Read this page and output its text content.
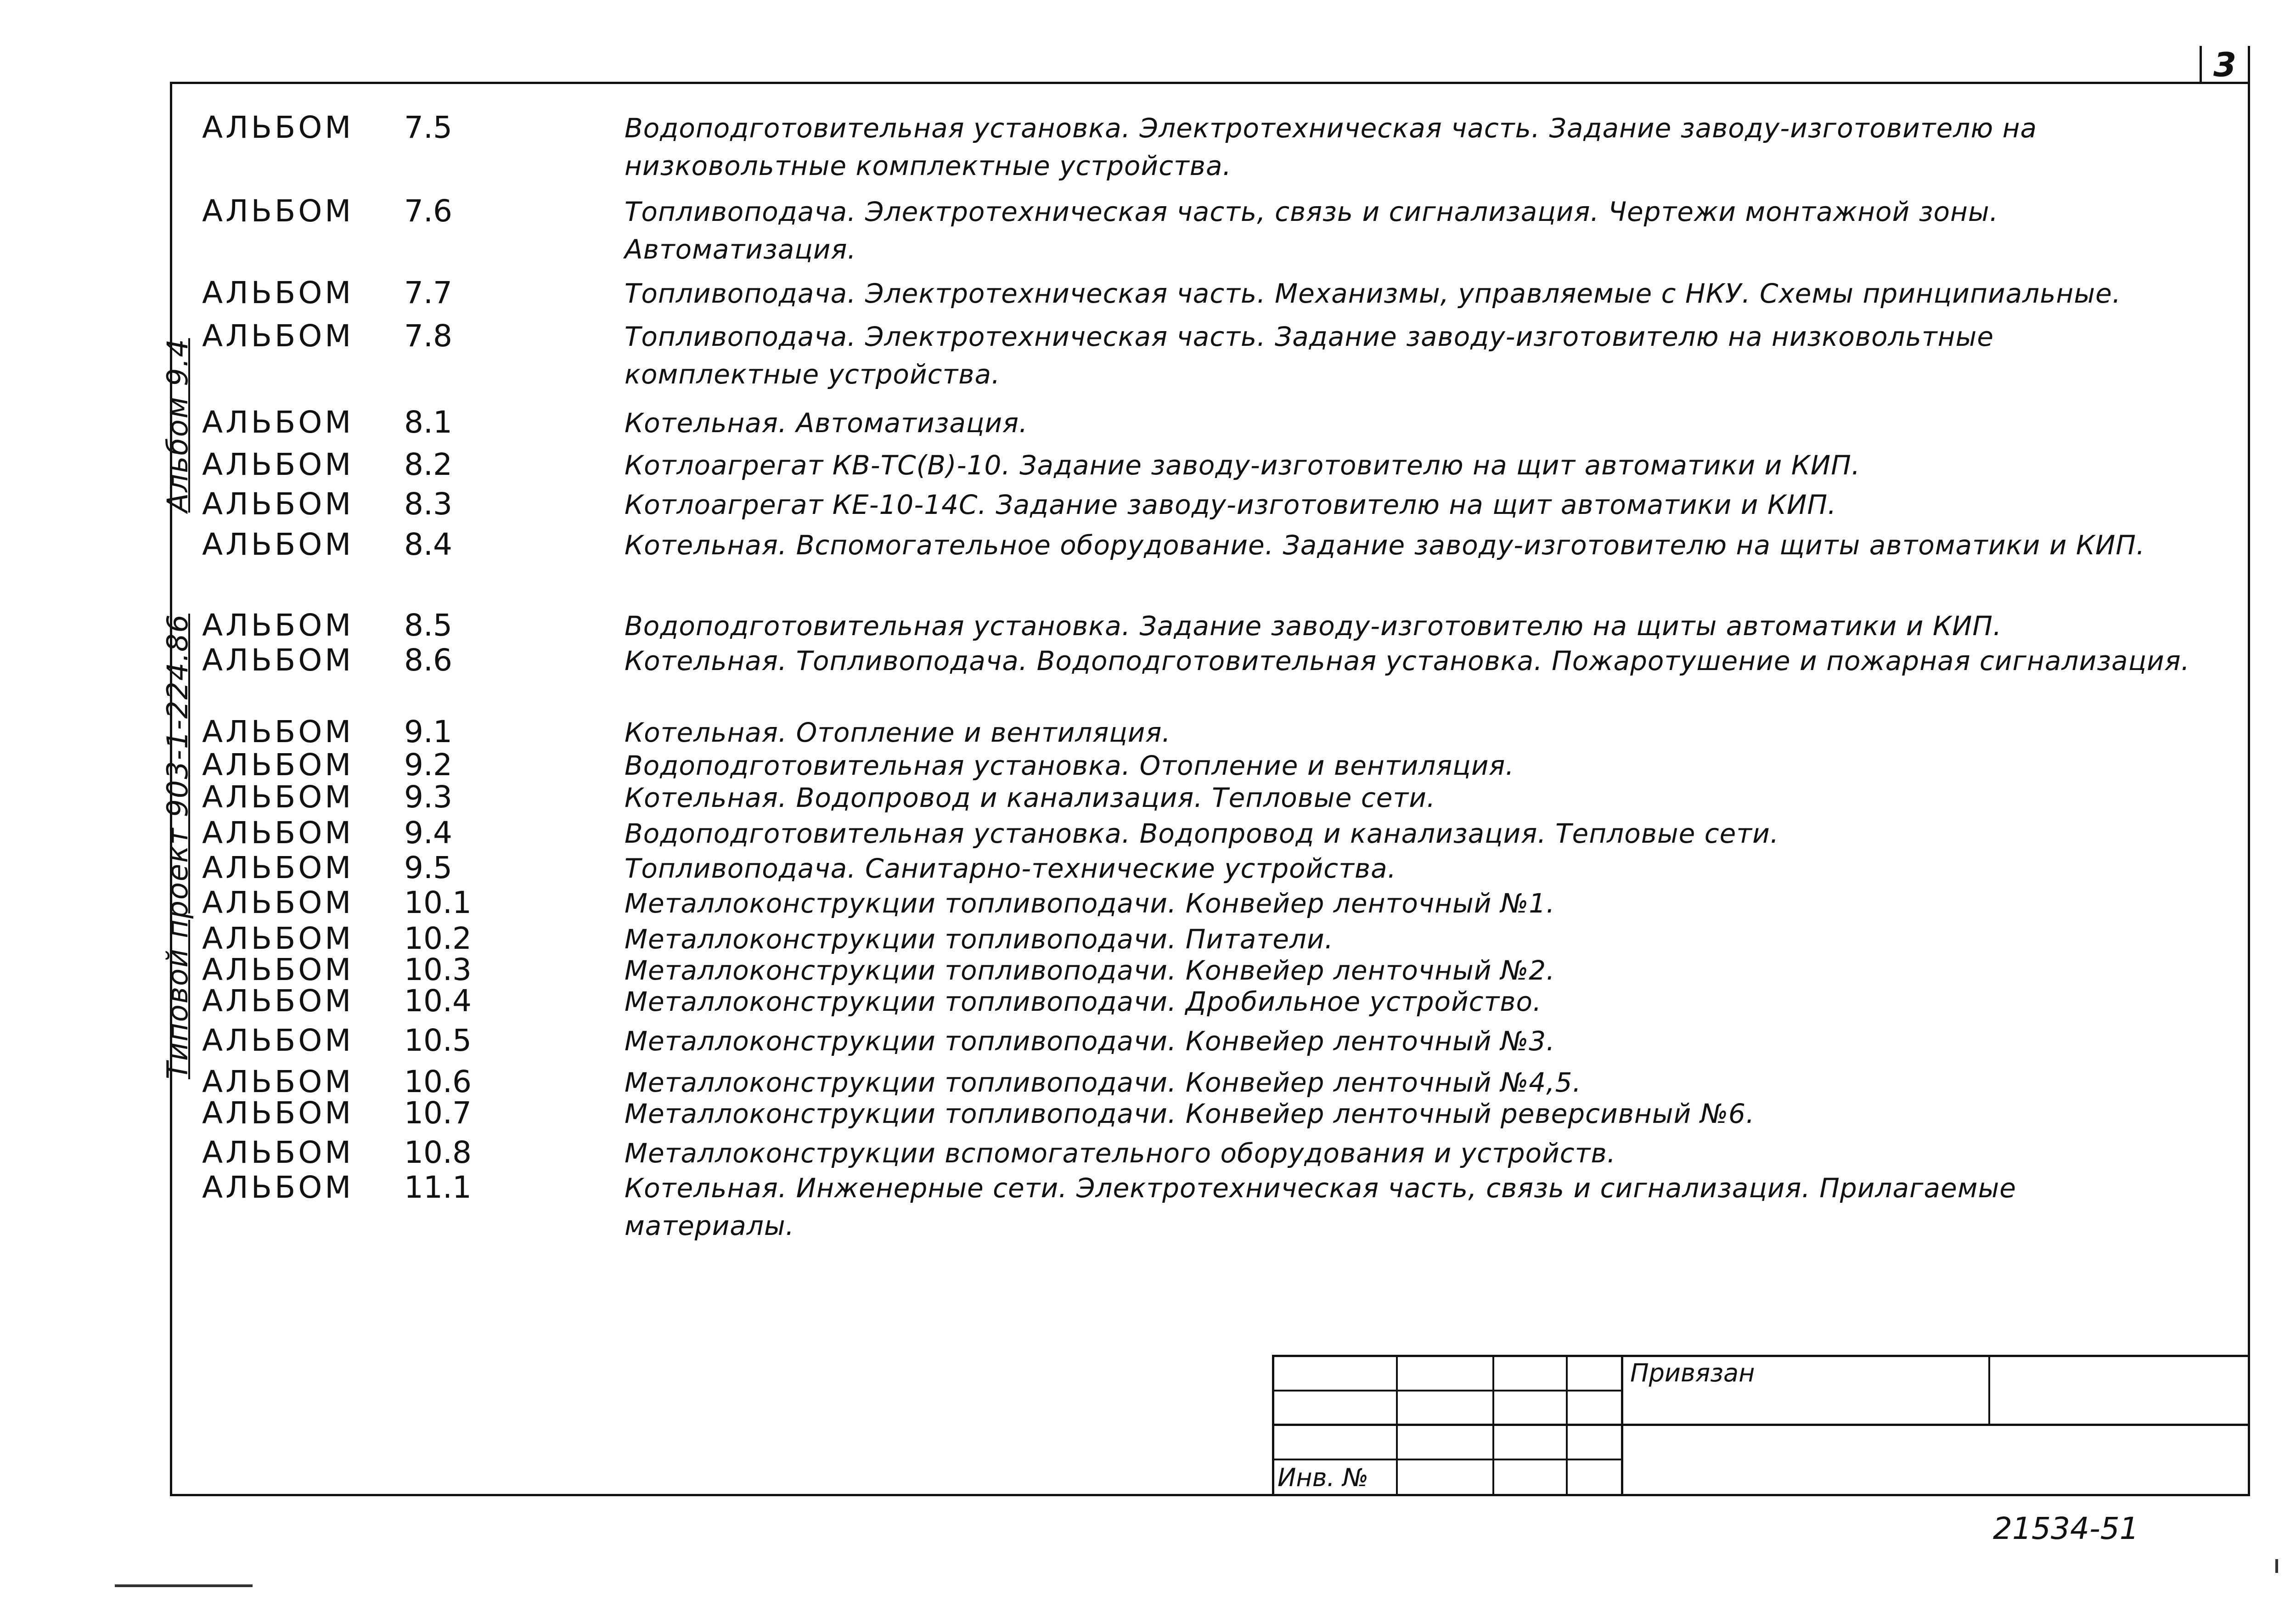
3
Типовой проект 903-1-224.86Альбом 9.4
АЛЬБОМ 7.5	Водоподготовительная установка. Электротехническая часть. Задание заводу-изготовителю на низковольтные комплектные устройства.
АЛЬБОМ 7.6	Топливоподача. Электротехническая часть, связь и сигнализация. Чертежи монтажной зоны. Автоматизация.
АЛЬБОМ 7.7	Топливоподача. Электротехническая часть. Механизмы, управляемые с НКУ. Схемы принципиальные.
АЛЬБОМ 7.8	Топливоподача. Электротехническая часть. Задание заводу-изготовителю на низковольтные комплектные устройства.
АЛЬБОМ 8.1	Котельная. Автоматизация.
АЛЬБОМ 8.2	Котлоагрегат КВ-ТС(В)-10. Задание заводу-изготовителю на щит автоматики и КИП.
АЛЬБОМ 8.3	Котлоагрегат КЕ-10-14С. Задание заводу-изготовителю на щит автоматики и КИП.
АЛЬБОМ 8.4	Котельная. Вспомогательное оборудование. Задание заводу-изготовителю на щиты автоматики и КИП.
АЛЬБОМ 8.5	Водоподготовительная установка. Задание заводу-изготовителю на щиты автоматики и КИП.
АЛЬБОМ 8.6	Котельная. Топливоподача. Водоподготовительная установка. Пожаротушение и пожарная сигнализация.
АЛЬБОМ 9.1	Котельная. Отопление и вентиляция.
АЛЬБОМ 9.2	Водоподготовительная установка. Отопление и вентиляция.
АЛЬБОМ 9.3	Котельная. Водопровод и канализация. Тепловые сети.
АЛЬБОМ 9.4	Водоподготовительная установка. Водопровод и канализация. Тепловые сети.
АЛЬБОМ 9.5	Топливоподача. Санитарно-технические устройства.
АЛЬБОМ 10.1	Металлоконструкции топливоподачи. Конвейер ленточный №1.
АЛЬБОМ 10.2	Металлоконструкции топливоподачи. Питатели.
АЛЬБОМ 10.3	Металлоконструкции топливоподачи. Конвейер ленточный №2.
АЛЬБОМ 10.4	Металлоконструкции топливоподачи. Дробильное устройство.
АЛЬБОМ 10.5	Металлоконструкции топливоподачи. Конвейер ленточный №3.
АЛЬБОМ 10.6	Металлоконструкции топливоподачи. Конвейер ленточный №4,5.
АЛЬБОМ 10.7	Металлоконструкции топливоподачи. Конвейер ленточный реверсивный №6.
АЛЬБОМ 10.8	Металлоконструкции вспомогательного оборудования и устройств.
АЛЬБОМ 11.1	Котельная. Инженерные сети. Электротехническая часть, связь и сигнализация. Прилагаемые материалы.
Привязан
Инв. №
21534-51
